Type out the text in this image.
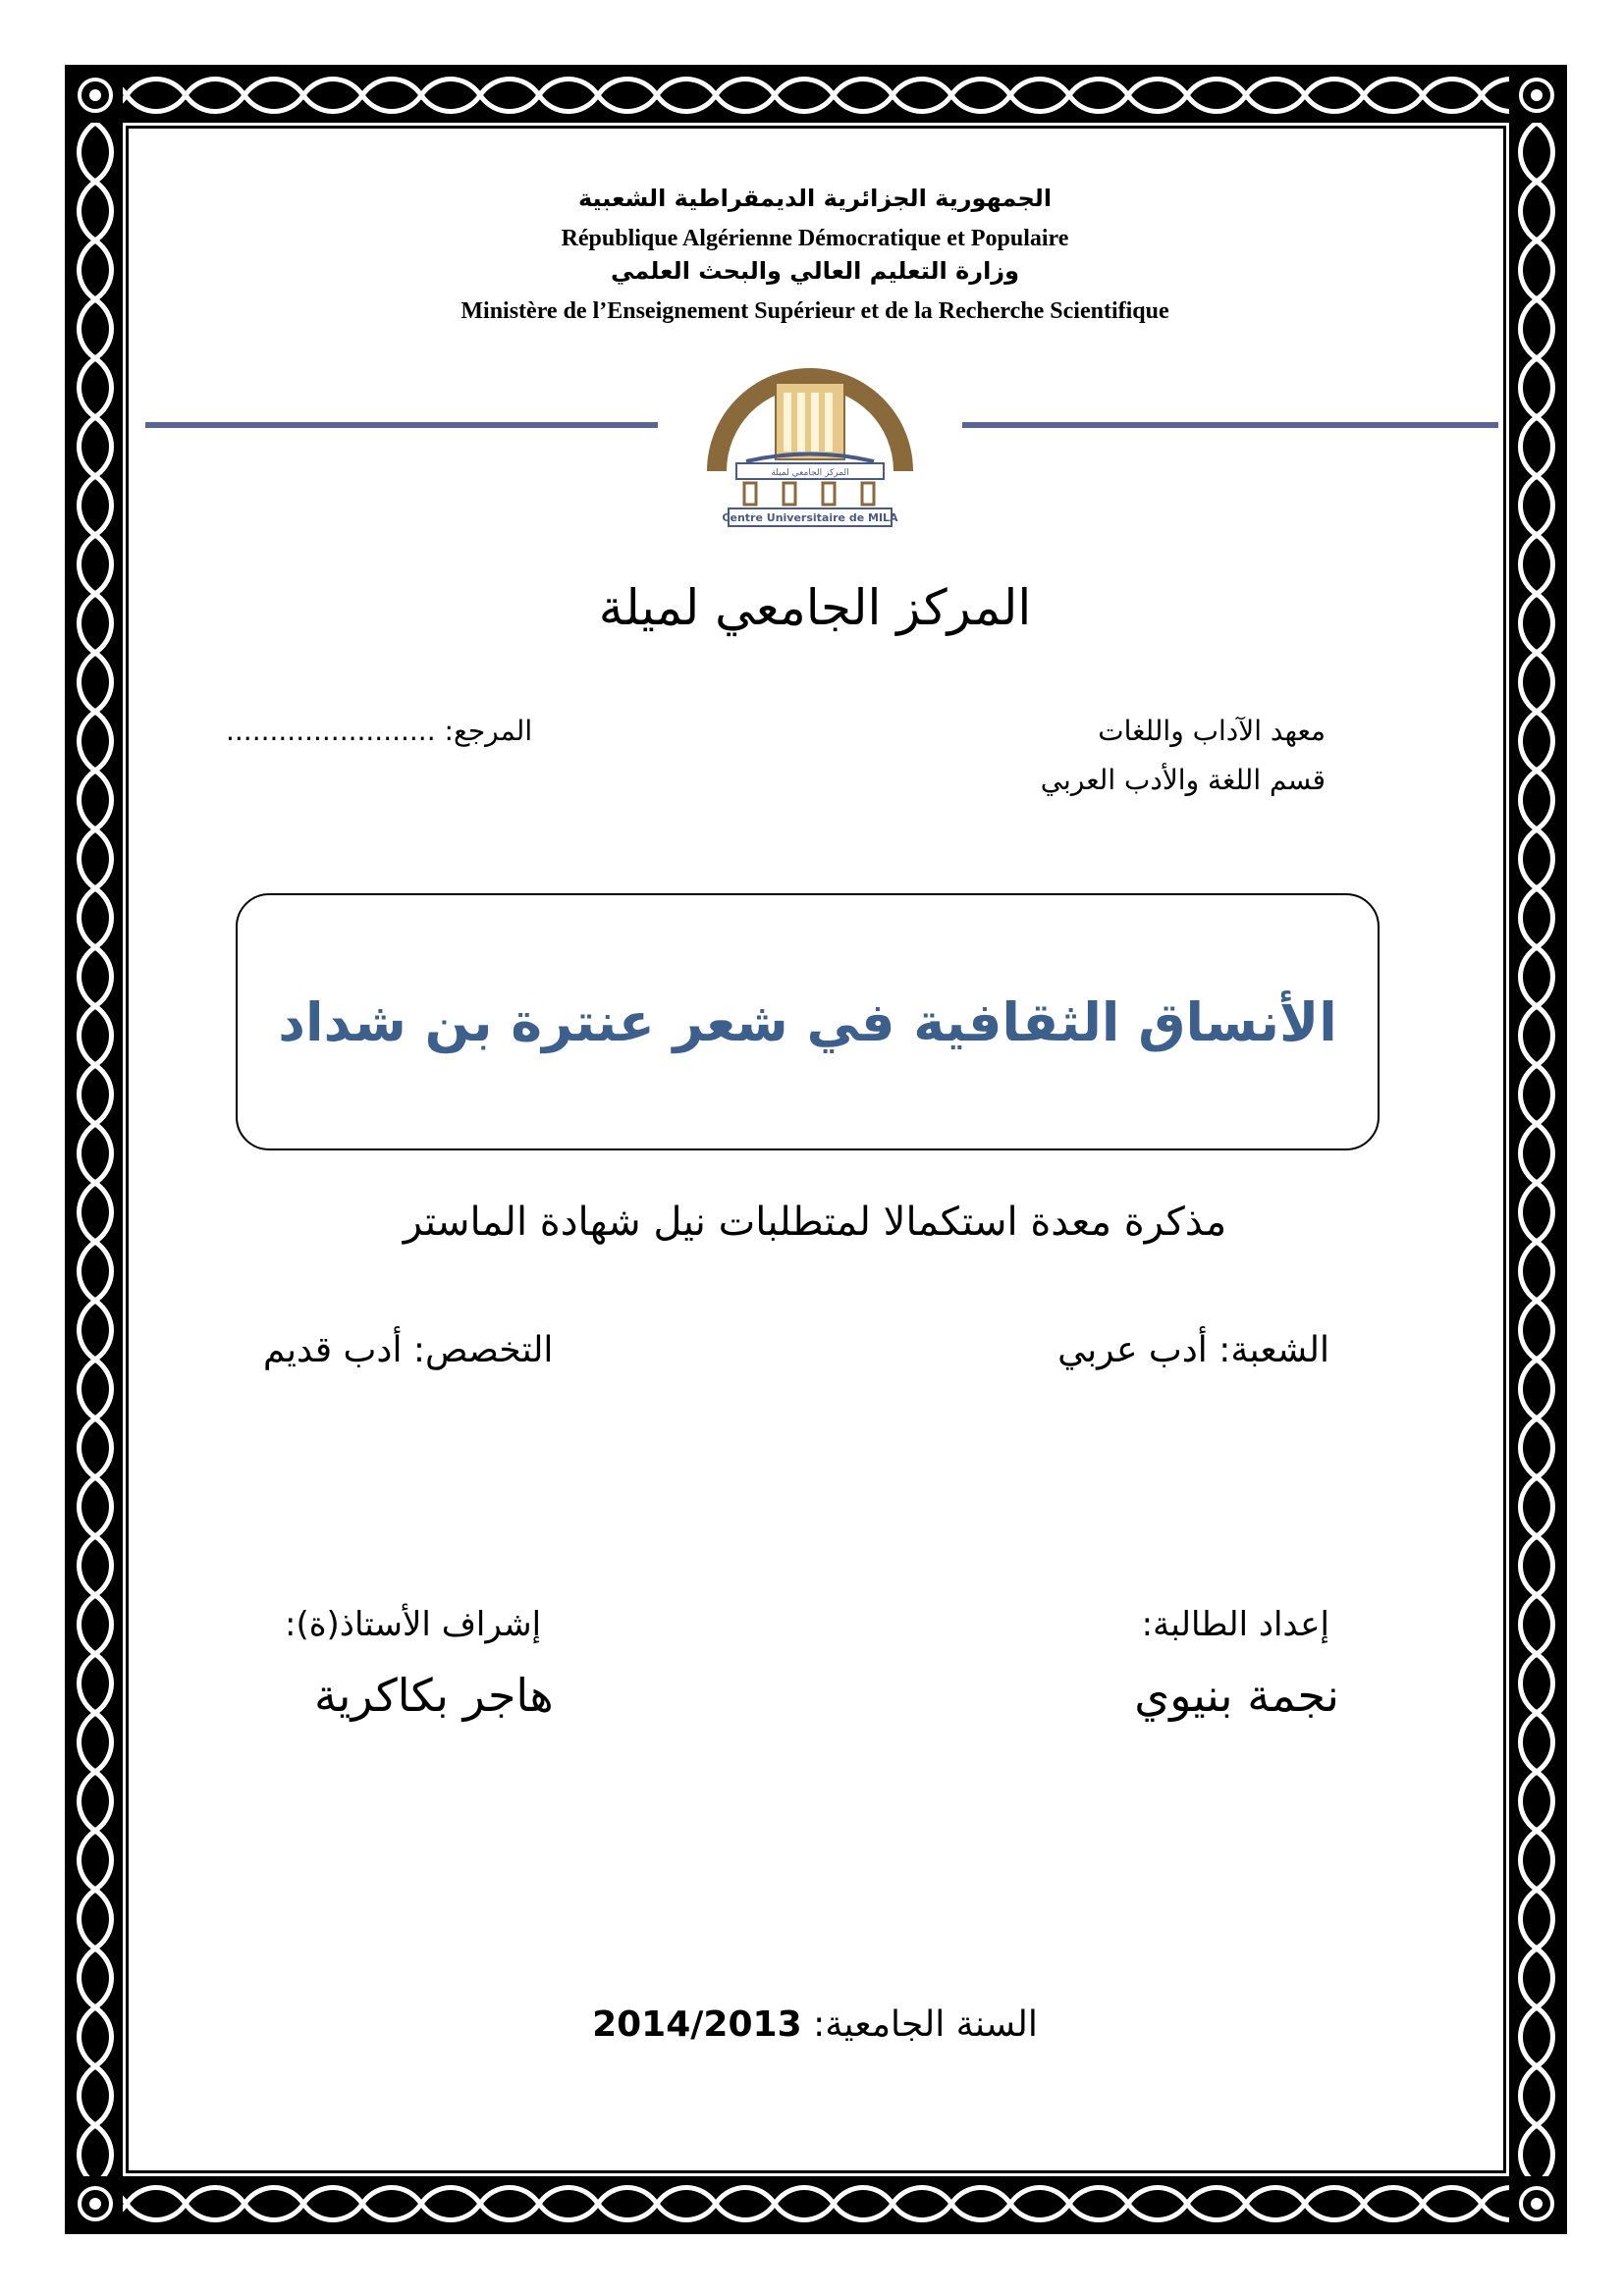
الجمهورية الجزائرية الديمقراطية الشعبية
République Algérienne Démocratique et Populaire
وزارة التعليم العالي والبحث العلمي
Ministère de l’Enseignement Supérieur et de la Recherche Scientifique
المركز الجامعي لميلة
Centre Universitaire de MILA
المركز الجامعي لميلة
معهد الآداب واللغات
قسم اللغة والأدب العربي
المرجع: ........................
الأنساق الثقافية في شعر عنترة بن شداد
مذكرة معدة استكمالا لمتطلبات نيل شهادة الماستر
الشعبة: أدب عربي
التخصص: أدب قديم
إعداد الطالبة:
إشراف الأستاذ(ة):
نجمة بنيوي
هاجر بكاكرية
السنة الجامعية: 2014/2013
